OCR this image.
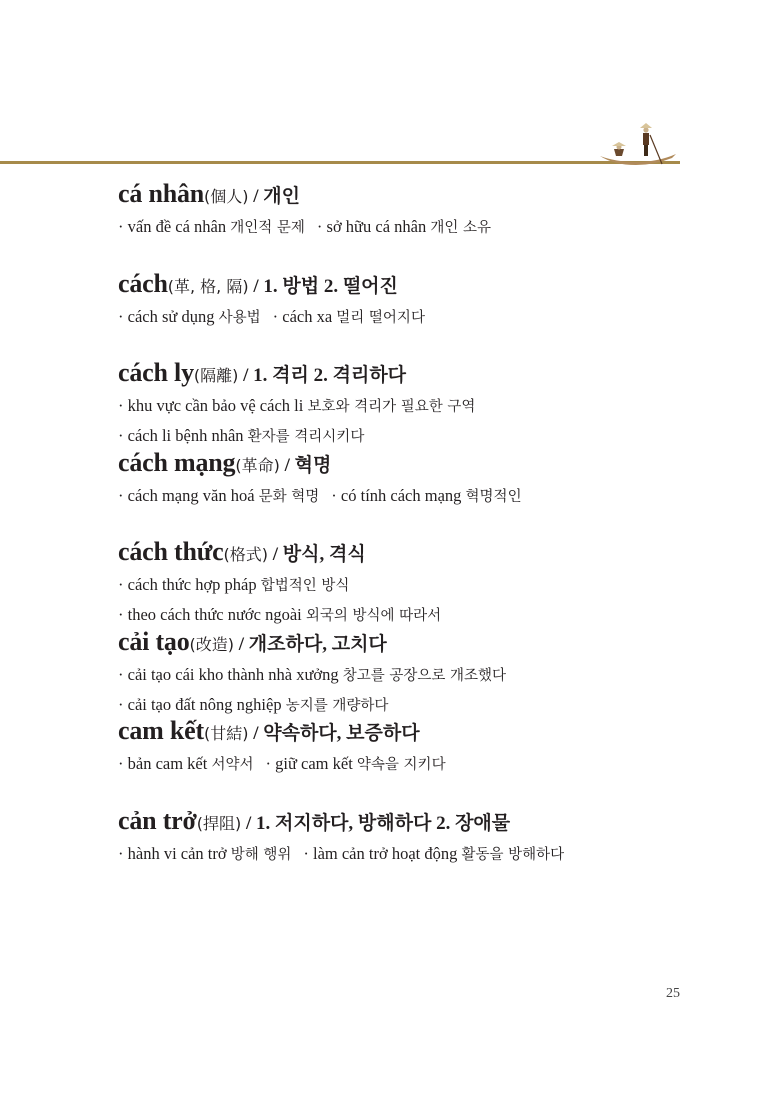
cá nhân(個人) / 개인
· vấn đề cá nhân 개인적 문제 · sở hữu cá nhân 개인 소유
cách(革, 格, 隔) / 1. 방법 2. 떨어진
· cách sử dụng 사용법 · cách xa 멀리 떨어지다
cách ly(隔離) / 1. 격리 2. 격리하다
· khu vực cần bảo vệ cách li 보호와 격리가 필요한 구역
· cách li bệnh nhân 환자를 격리시키다
cách mạng(革命) / 혁명
· cách mạng văn hoá 문화 혁명 · có tính cách mạng 혁명적인
cách thức(格式) / 방식, 격식
· cách thức hợp pháp 합법적인 방식
· theo cách thức nước ngoài 외국의 방식에 따라서
cải tạo(改造) / 개조하다, 고치다
· cải tạo cái kho thành nhà xưởng 창고를 공장으로 개조했다
· cải tạo đất nông nghiệp 농지를 개량하다
cam kết(甘結) / 약속하다, 보증하다
· bản cam kết 서약서 · giữ cam kết 약속을 지키다
cản trở(捍阻) / 1. 저지하다, 방해하다 2. 장애물
· hành vi cản trở 방해 행위 · làm cản trở hoạt động 활동을 방해하다
25
